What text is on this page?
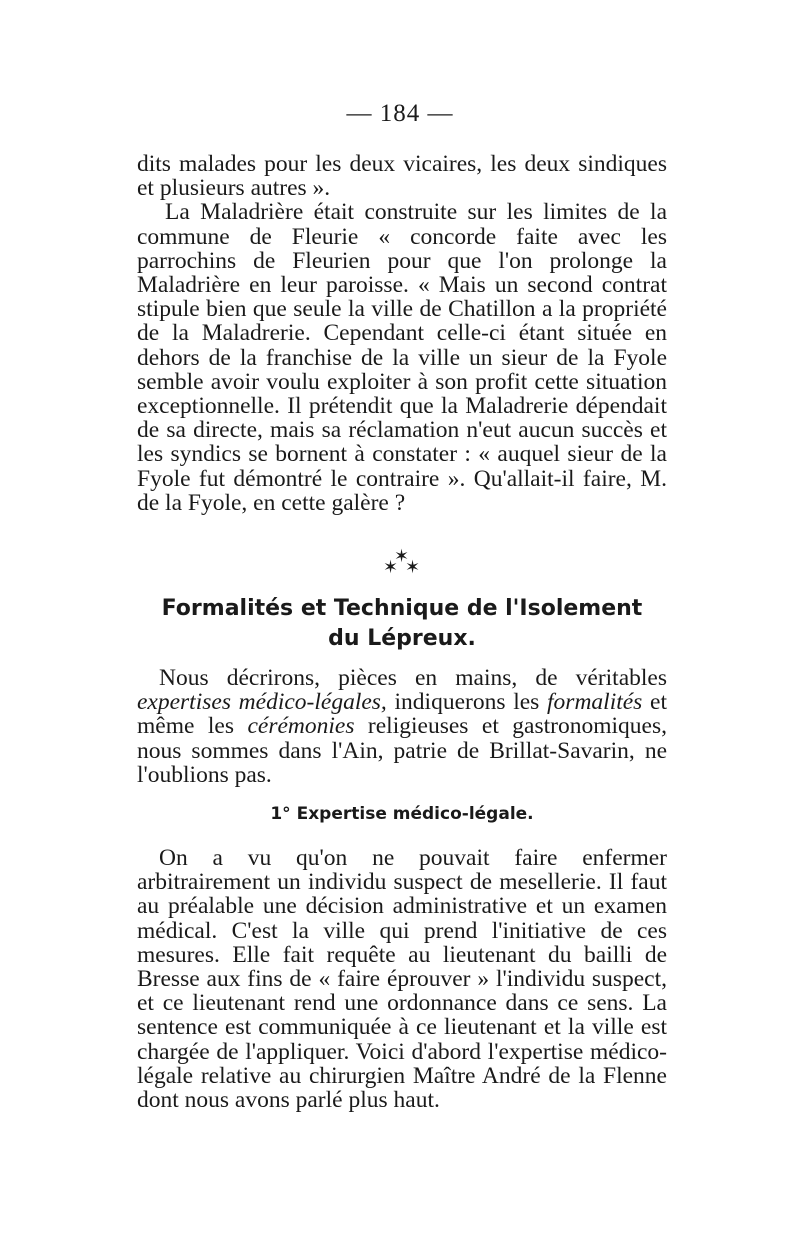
— 184 —

dits malades pour les deux vicaires, les deux sindiques et plusieurs autres ».

La Maladrière était construite sur les limites de la commune de Fleurie « concorde faite avec les parrochins de Fleurien pour que l'on prolonge la Maladrière en leur paroisse. « Mais un second contrat stipule bien que seule la ville de Chatillon a la propriété de la Maladrerie. Cependant celle-ci étant située en dehors de la franchise de la ville un sieur de la Fyole semble avoir voulu exploiter à son profit cette situation exceptionnelle. Il prétendit que la Maladrerie dépendait de sa directe, mais sa réclamation n'eut aucun succès et les syndics se bornent à constater : « auquel sieur de la Fyole fut démontré le contraire ». Qu'allait-il faire, M. de la Fyole, en cette galère ?

✶
✶ ✶
Formalités et Technique de l'Isolement
du Lépreux.

Nous décrirons, pièces en mains, de véritables expertises médico-légales, indiquerons les formalités et même les cérémonies religieuses et gastronomiques, nous sommes dans l'Ain, patrie de Brillat-Savarin, ne l'oublions pas.

1° Expertise médico-légale.

On a vu qu'on ne pouvait faire enfermer arbitrairement un individu suspect de mesellerie. Il faut au préalable une décision administrative et un examen médical. C'est la ville qui prend l'initiative de ces mesures. Elle fait requête au lieutenant du bailli de Bresse aux fins de « faire éprouver » l'individu suspect, et ce lieutenant rend une ordonnance dans ce sens. La sentence est communiquée à ce lieutenant et la ville est chargée de l'appliquer. Voici d'abord l'expertise médico-légale relative au chirurgien Maître André de la Flenne dont nous avons parlé plus haut.
